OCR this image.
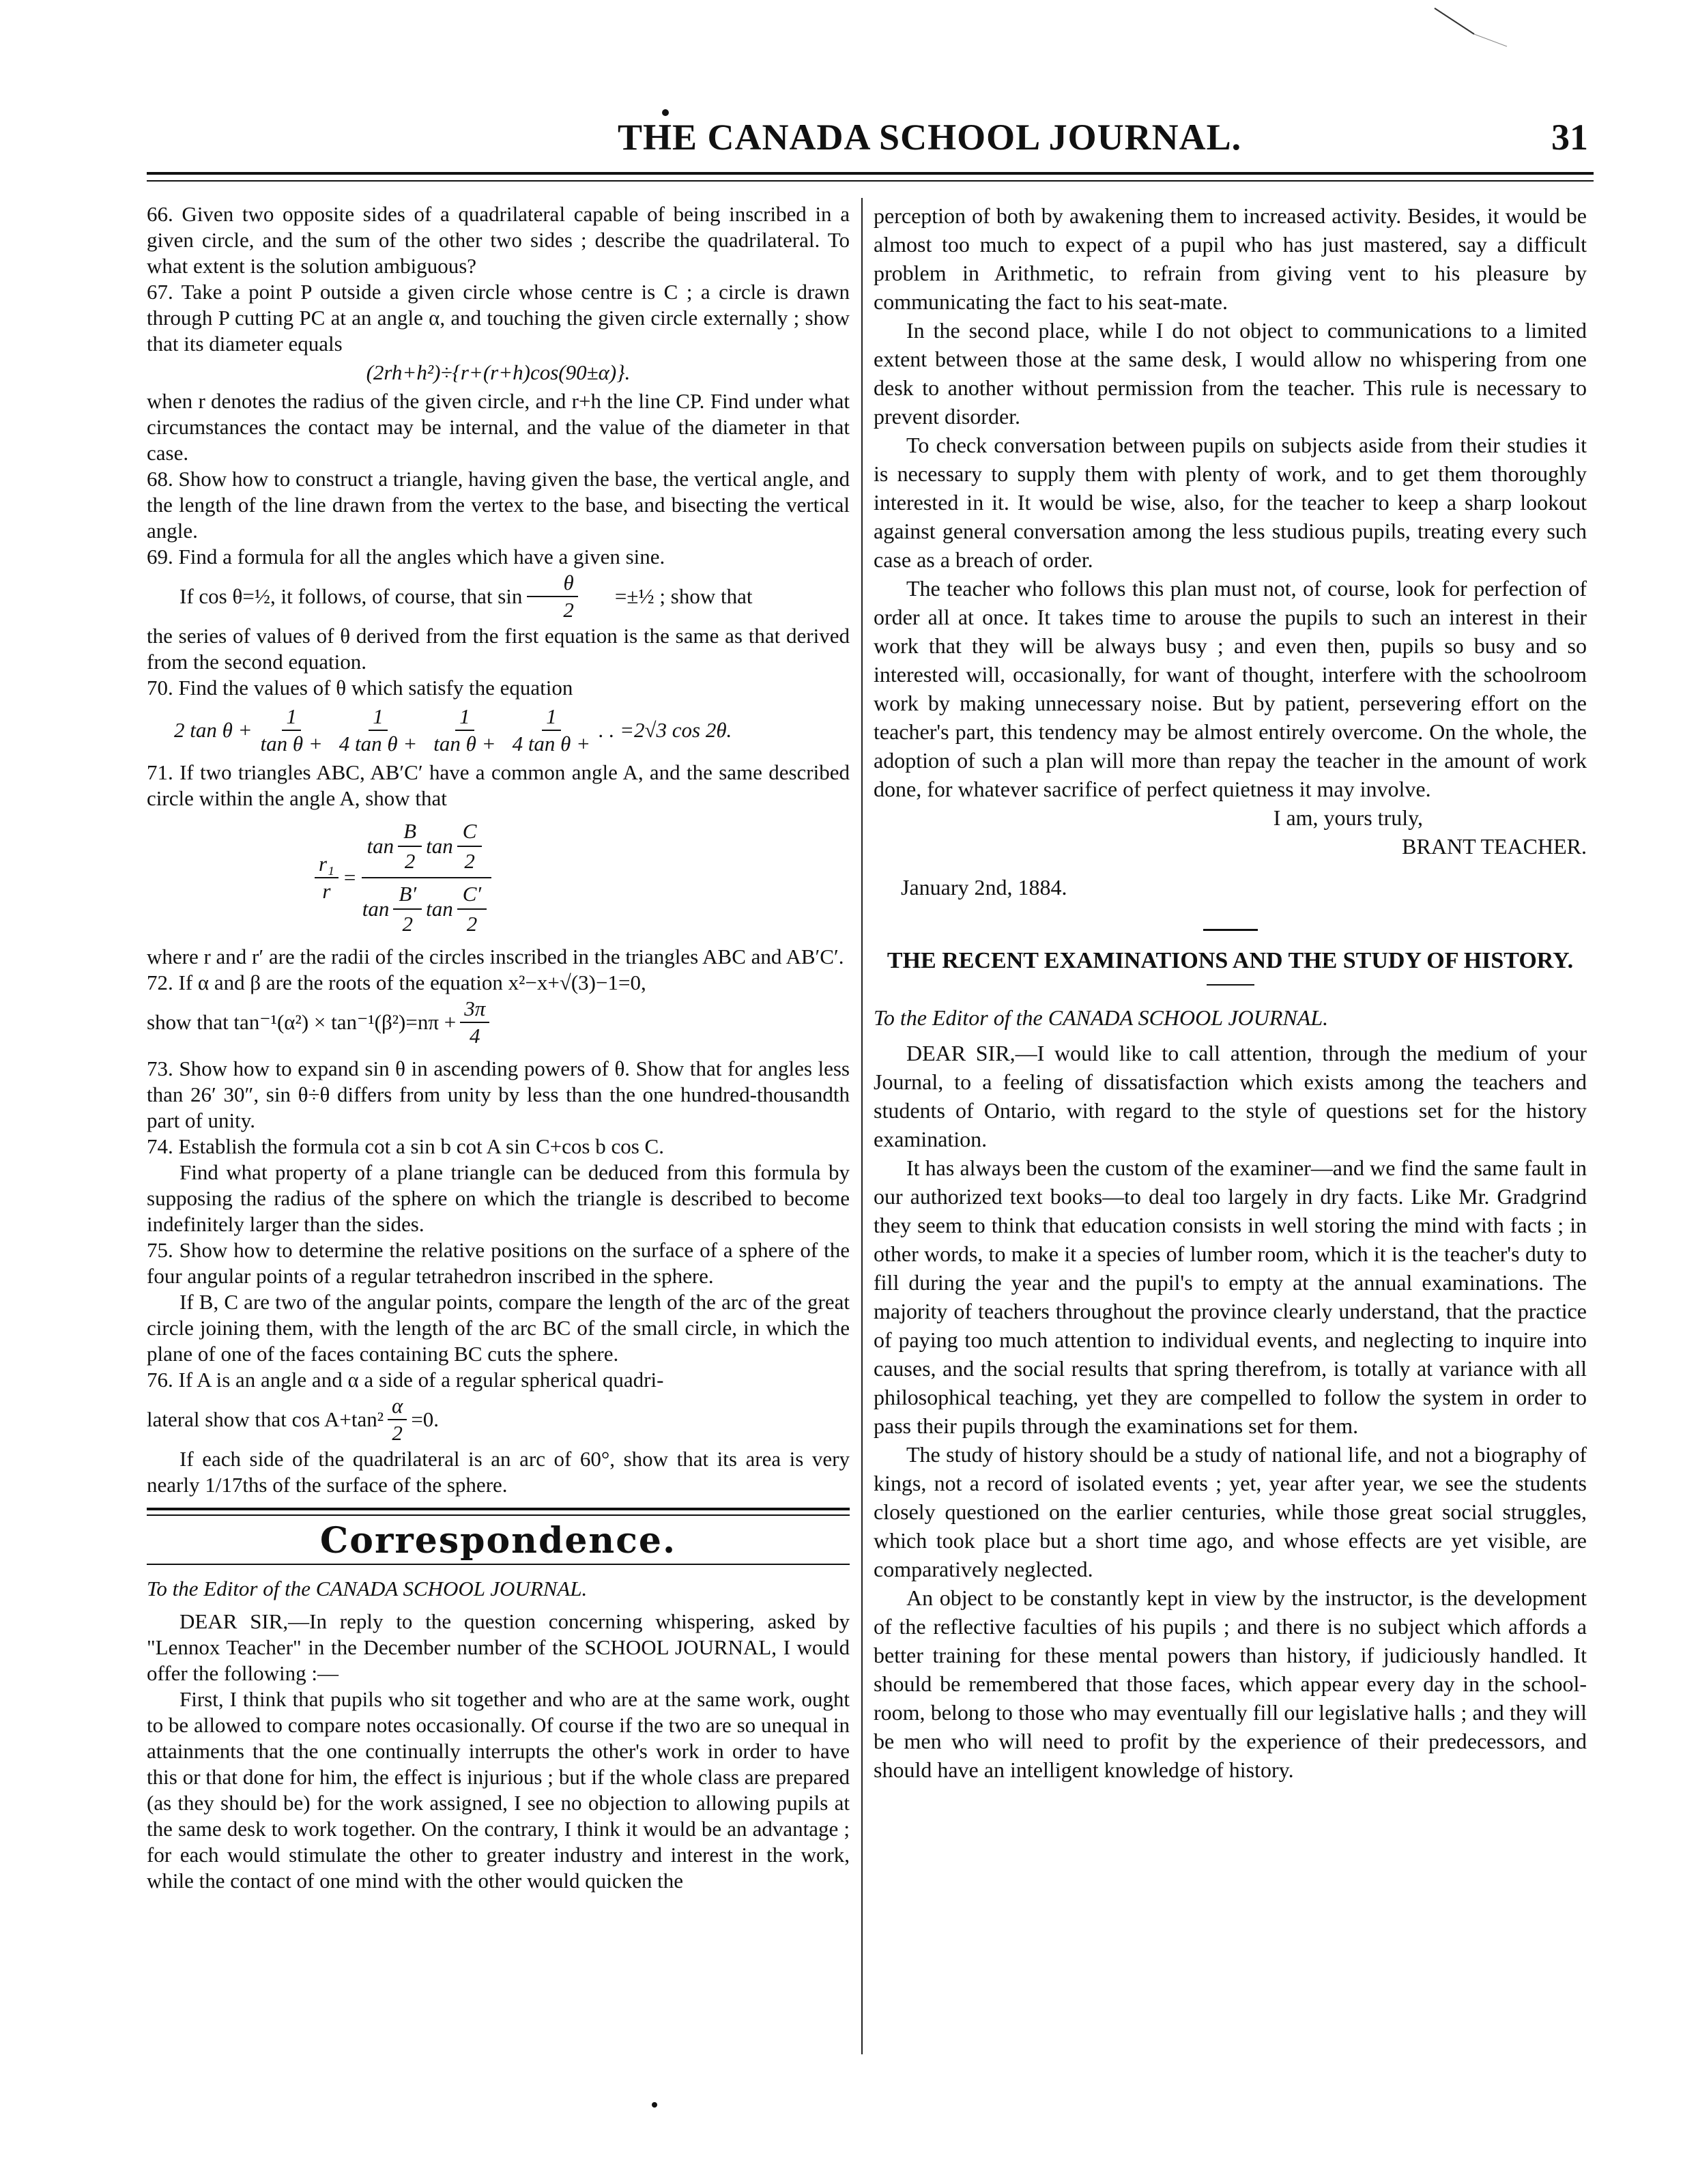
THE CANADA SCHOOL JOURNAL.	31

66. Given two opposite sides of a quadrilateral capable of being inscribed in a given circle, and the sum of the other two sides ; describe the quadrilateral. To what extent is the solution ambiguous?

67. Take a point P outside a given circle whose centre is C ; a circle is drawn through P cutting PC at an angle α, and touching the given circle externally ; show that its diameter equals

(2rh+h²)÷{r+(r+h)cos(90±α)}.

when r denotes the radius of the given circle, and r+h the line CP. Find under what circumstances the contact may be internal, and the value of the diameter in that case.

68. Show how to construct a triangle, having given the base, the vertical angle, and the length of the line drawn from the vertex to the base, and bisecting the vertical angle.

69. Find a formula for all the angles which have a given sine.

If cos θ=½, it follows, of course, that $\sin \frac{\theta}{2}$	=±½ ; show that

the series of values of θ derived from the first equation is the same as that derived from the second equation.

70. Find the values of θ which satisfy the equation

2 $\tan \theta + \frac{1}{\text{tan θ +}} \frac{1}{\text{4 tan θ +}} \frac{1}{\text{tan θ +}} \frac{1}{\text{4 tan θ +}}$ . . =2√3 cos 2θ.

71. If two triangles ABC, AB′C′ have a common angle A, and the same described circle within the angle A, show that

$\frac{\text{r₁}}{r} = \frac{\tan \frac{B}{2} \tan \frac{C}{2}}{\tan \frac{B'}{2} \tan \frac{C'}{2}}$

where r and r′ are the radii of the circles inscribed in the triangles ABC and AB′C′.

72. If α and β are the roots of the equation x²−x+√(3)−1=0,

show that $\tan^{-1}(\alpha^2) \times \tan^{-1}(\beta^2)=n\pi + \frac{3\pi}{4}$

73. Show how to expand sin θ in ascending powers of θ. Show that for angles less than 26′ 30″, sin θ÷θ differs from unity by less than the one hundred-thousandth part of unity.

74. Establish the formula cot a sin b cot A sin C+cos b cos C.

Find what property of a plane triangle can be deduced from this formula by supposing the radius of the sphere on which the triangle is described to become indefinitely larger than the sides.

75. Show how to determine the relative positions on the surface of a sphere of the four angular points of a regular tetrahedron inscribed in the sphere.

If B, C are two of the angular points, compare the length of the arc of the great circle joining them, with the length of the arc BC of the small circle, in which the plane of one of the faces containing BC cuts the sphere.

76. If A is an angle and α a side of a regular spherical quadri-

lateral show that $\cos A+\tan^2 \frac{\alpha}{2} =0$.

If each side of the quadrilateral is an arc of 60°, show that its area is very nearly 1/17ths of the surface of the sphere.

Correspondence.

To the Editor of the CANADA SCHOOL JOURNAL.

DEAR SIR,—In reply to the question concerning whispering, asked by "Lennox Teacher" in the December number of the SCHOOL JOURNAL, I would offer the following :—

First, I think that pupils who sit together and who are at the same work, ought to be allowed to compare notes occasionally. Of course if the two are so unequal in attainments that the one continually interrupts the other's work in order to have this or that done for him, the effect is injurious ; but if the whole class are prepared (as they should be) for the work assigned, I see no objection to allowing pupils at the same desk to work together. On the contrary, I think it would be an advantage ; for each would stimulate the other to greater industry and interest in the work, while the contact of one mind with the other would quicken the

perception of both by awakening them to increased activity. Besides, it would be almost too much to expect of a pupil who has just mastered, say a difficult problem in Arithmetic, to refrain from giving vent to his pleasure by communicating the fact to his seat-mate.

In the second place, while I do not object to communications to a limited extent between those at the same desk, I would allow no whispering from one desk to another without permission from the teacher. This rule is necessary to prevent disorder.

To check conversation between pupils on subjects aside from their studies it is necessary to supply them with plenty of work, and to get them thoroughly interested in it. It would be wise, also, for the teacher to keep a sharp lookout against general conversation among the less studious pupils, treating every such case as a breach of order.

The teacher who follows this plan must not, of course, look for perfection of order all at once. It takes time to arouse the pupils to such an interest in their work that they will be always busy ; and even then, pupils so busy and so interested will, occasionally, for want of thought, interfere with the schoolroom work by making unnecessary noise. But by patient, persevering effort on the teacher's part, this tendency may be almost entirely overcome. On the whole, the adoption of such a plan will more than repay the teacher in the amount of work done, for whatever sacrifice of perfect quietness it may involve.

I am, yours truly,

BRANT TEACHER.

January 2nd, 1884.

THE RECENT EXAMINATIONS AND THE STUDY OF HISTORY.

To the Editor of the CANADA SCHOOL JOURNAL.

DEAR SIR,—I would like to call attention, through the medium of your Journal, to a feeling of dissatisfaction which exists among the teachers and students of Ontario, with regard to the style of questions set for the history examination.

It has always been the custom of the examiner—and we find the same fault in our authorized text books—to deal too largely in dry facts. Like Mr. Gradgrind they seem to think that education consists in well storing the mind with facts ; in other words, to make it a species of lumber room, which it is the teacher's duty to fill during the year and the pupil's to empty at the annual examinations. The majority of teachers throughout the province clearly understand, that the practice of paying too much attention to individual events, and neglecting to inquire into causes, and the social results that spring therefrom, is totally at variance with all philosophical teaching, yet they are compelled to follow the system in order to pass their pupils through the examinations set for them.

The study of history should be a study of national life, and not a biography of kings, not a record of isolated events ; yet, year after year, we see the students closely questioned on the earlier centuries, while those great social struggles, which took place but a short time ago, and whose effects are yet visible, are comparatively neglected.

An object to be constantly kept in view by the instructor, is the development of the reflective faculties of his pupils ; and there is no subject which affords a better training for these mental powers than history, if judiciously handled. It should be remembered that those faces, which appear every day in the school-room, belong to those who may eventually fill our legislative halls ; and they will be men who will need to profit by the experience of their predecessors, and should have an intelligent knowledge of history.
